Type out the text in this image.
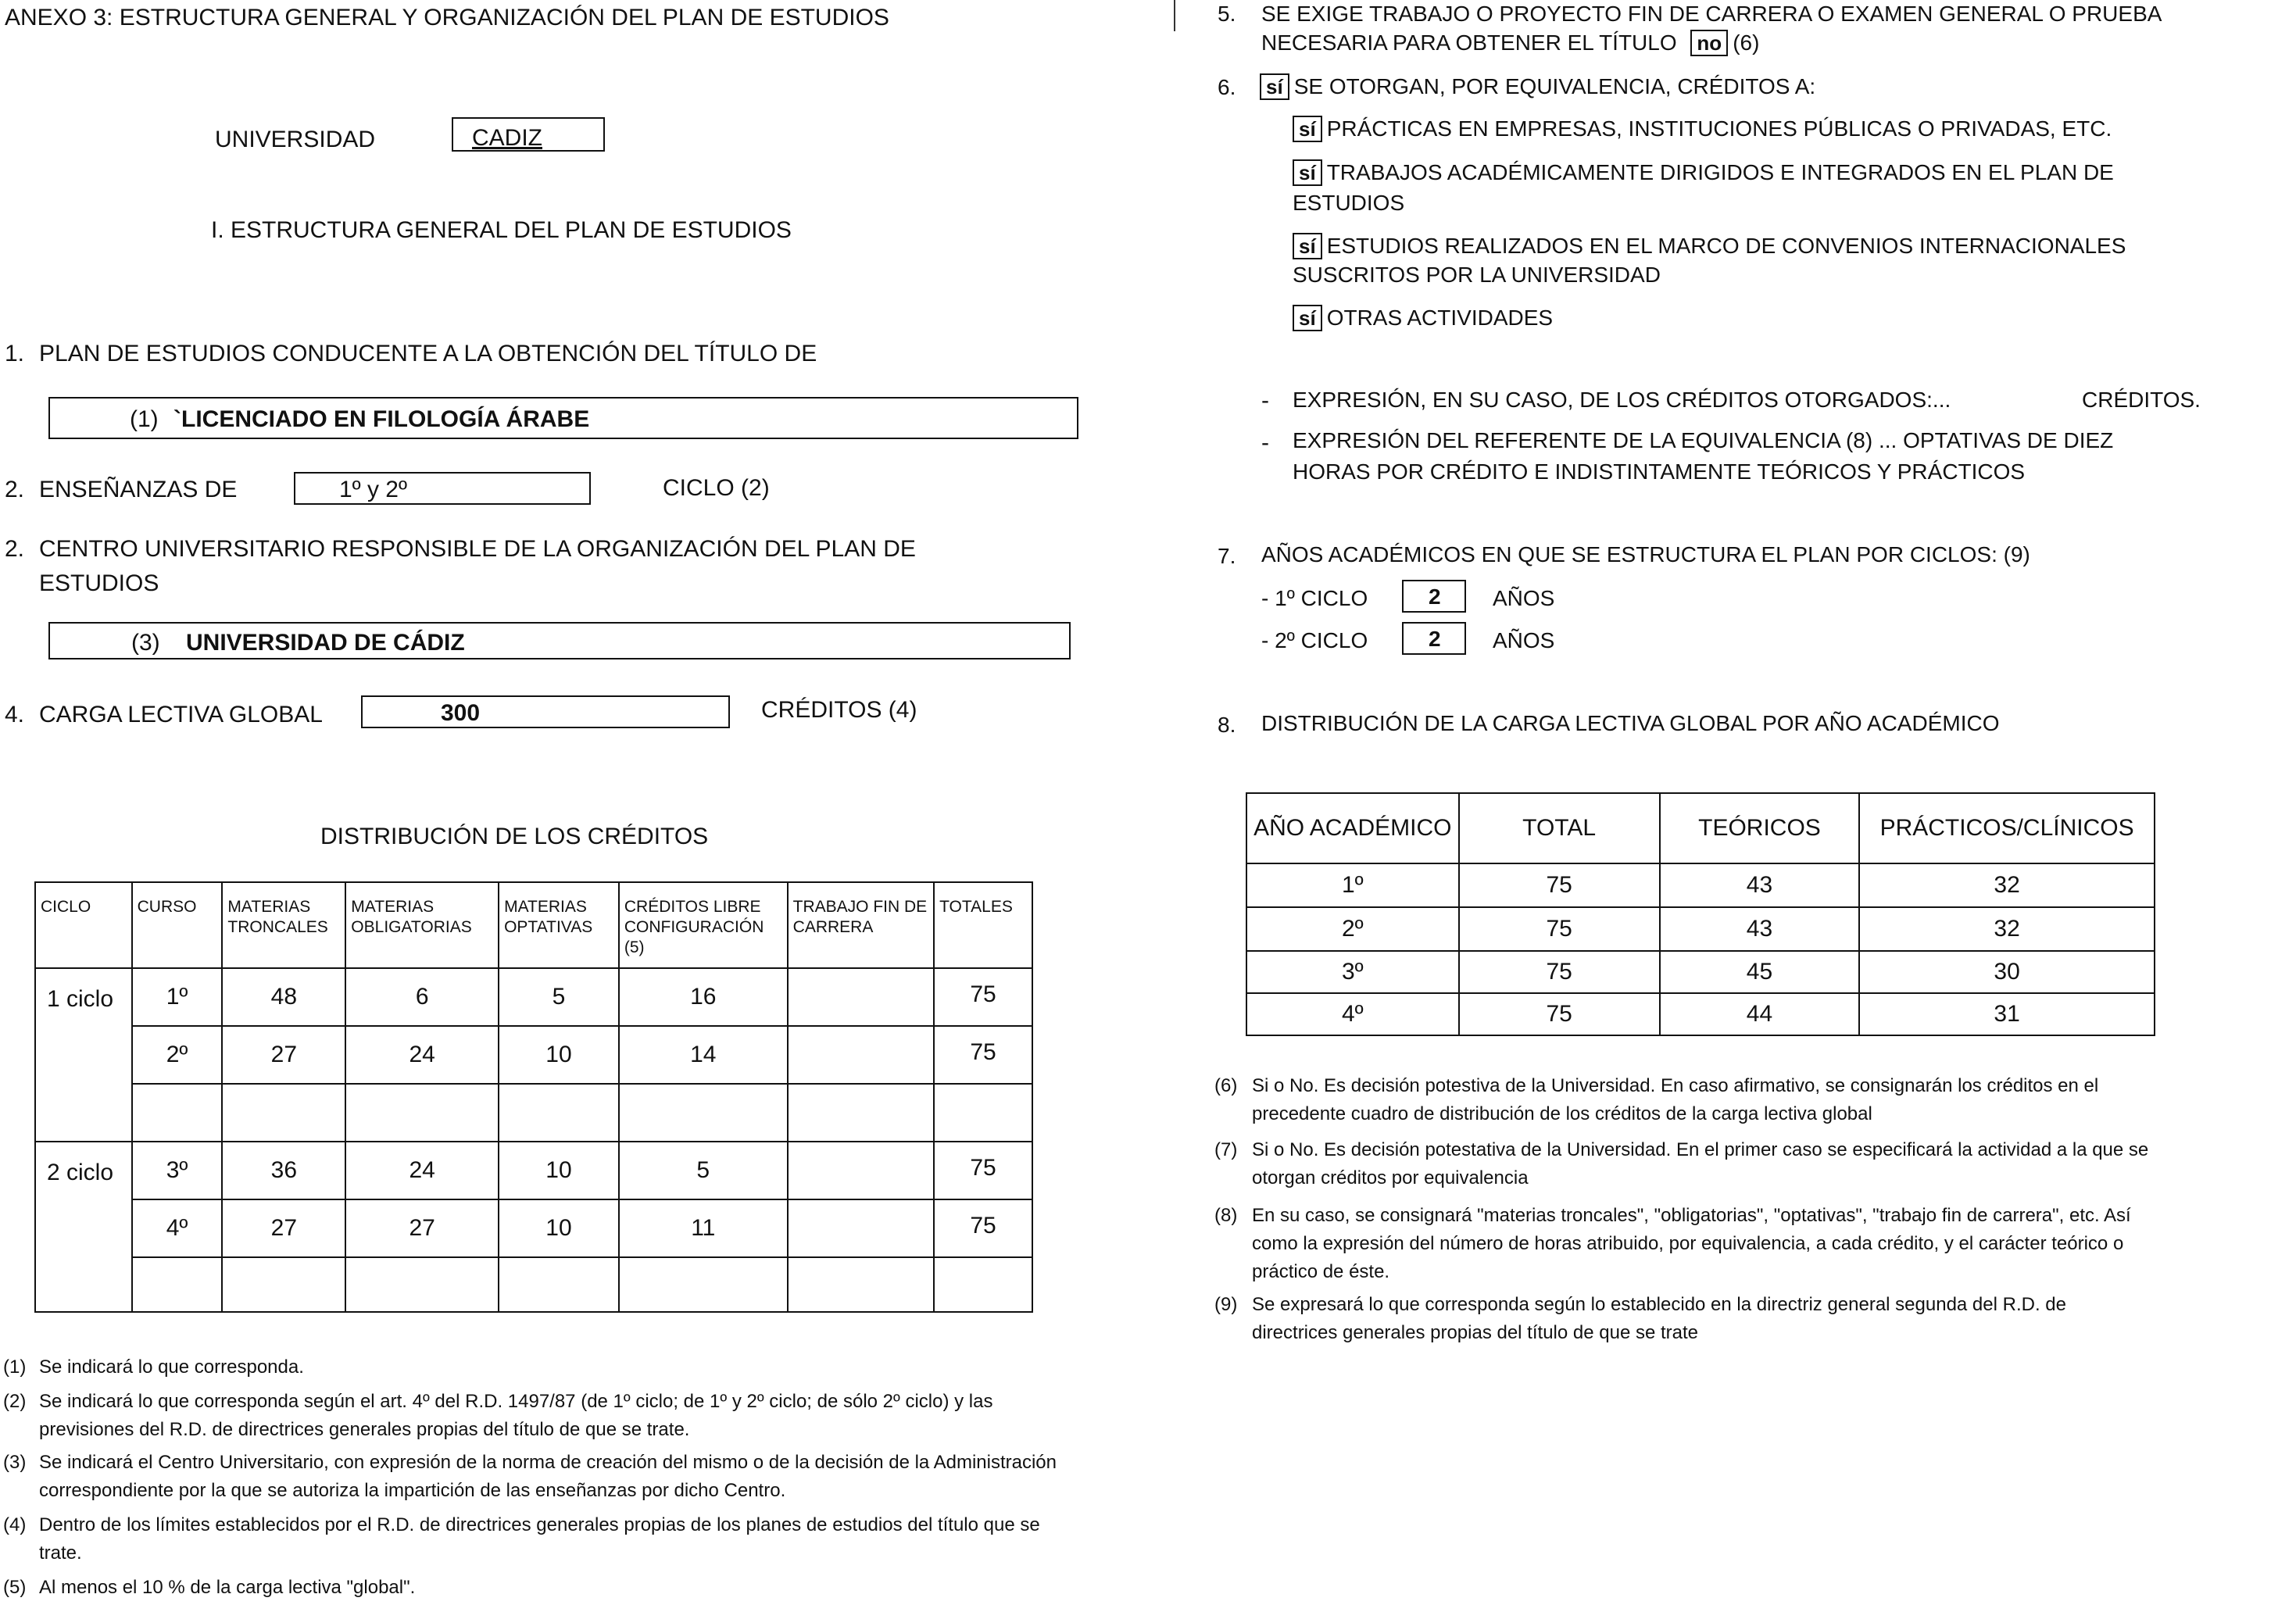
ANEXO 3: ESTRUCTURA GENERAL Y ORGANIZACIÓN DEL PLAN DE ESTUDIOS
UNIVERSIDAD	CADIZ
I. ESTRUCTURA GENERAL DEL PLAN DE ESTUDIOS
1. PLAN DE ESTUDIOS CONDUCENTE A LA OBTENCIÓN DEL TÍTULO DE
(1) `LICENCIADO EN FILOLOGÍA ÁRABE
2. ENSEÑANZAS DE	1º y 2º	CICLO (2)
2. CENTRO UNIVERSITARIO RESPONSIBLE DE LA ORGANIZACIÓN DEL PLAN DE
ESTUDIOS
(3) UNIVERSIDAD DE CÁDIZ
4. CARGA LECTIVA GLOBAL	300	CRÉDITOS (4)
DISTRIBUCIÓN DE LOS CRÉDITOS
CICLO	CURSO	MATERIAS TRONCALES	MATERIAS OBLIGATORIAS	MATERIAS OPTATIVAS	CRÉDITOS LIBRE CONFIGURACIÓN (5)	TRABAJO FIN DE CARRERA	TOTALES
1 ciclo	1º	48	6	5	16		75
	2º	27	24	10	14		75

2 ciclo	3º	36	24	10	5		75
	4º	27	27	10	11		75

(1) Se indicará lo que corresponda.
(2) Se indicará lo que corresponda según el art. 4º del R.D. 1497/87 (de 1º ciclo; de 1º y 2º ciclo; de sólo 2º ciclo) y las previsiones del R.D. de directrices generales propias del título de que se trate.
(3) Se indicará el Centro Universitario, con expresión de la norma de creación del mismo o de la decisión de la Administración correspondiente por la que se autoriza la impartición de las enseñanzas por dicho Centro.
(4) Dentro de los límites establecidos por el R.D. de directrices generales propias de los planes de estudios del título que se trate.
(5) Al menos el 10 % de la carga lectiva "global".
5. SE EXIGE TRABAJO O PROYECTO FIN DE CARRERA O EXAMEN GENERAL O PRUEBA
NECESARIA PARA OBTENER EL TÍTULO no (6)
6.	sí SE OTORGAN, POR EQUIVALENCIA, CRÉDITOS A:
sí PRÁCTICAS EN EMPRESAS, INSTITUCIONES PÚBLICAS O PRIVADAS, ETC.
sí TRABAJOS ACADÉMICAMENTE DIRIGIDOS E INTEGRADOS EN EL PLAN DE
ESTUDIOS
sí ESTUDIOS REALIZADOS EN EL MARCO DE CONVENIOS INTERNACIONALES
SUSCRITOS POR LA UNIVERSIDAD
sí OTRAS ACTIVIDADES
- EXPRESIÓN, EN SU CASO, DE LOS CRÉDITOS OTORGADOS:...	CRÉDITOS.
- EXPRESIÓN DEL REFERENTE DE LA EQUIVALENCIA (8) ... OPTATIVAS DE DIEZ
HORAS POR CRÉDITO E INDISTINTAMENTE TEÓRICOS Y PRÁCTICOS
7. AÑOS ACADÉMICOS EN QUE SE ESTRUCTURA EL PLAN POR CICLOS: (9)
- 1º CICLO	2 AÑOS
- 2º CICLO	2 AÑOS
8. DISTRIBUCIÓN DE LA CARGA LECTIVA GLOBAL POR AÑO ACADÉMICO
AÑO ACADÉMICO	TOTAL	TEÓRICOS	PRÁCTICOS/CLÍNICOS
1º	75	43	32
2º	75	43	32
3º	75	45	30
4º	75	44	31
(6) Si o No. Es decisión potestiva de la Universidad. En caso afirmativo, se consignarán los créditos en el
precedente cuadro de distribución de los créditos de la carga lectiva global
(7) Si o No. Es decisión potestativa de la Universidad. En el primer caso se especificará la actividad a la que se
otorgan créditos por equivalencia
(8) En su caso, se consignará "materias troncales", "obligatorias", "optativas", "trabajo fin de carrera", etc. Así
como la expresión del número de horas atribuido, por equivalencia, a cada crédito, y el carácter teórico o
práctico de éste.
(9) Se expresará lo que corresponda según lo establecido en la directriz general segunda del R.D. de
directrices generales propias del título de que se trate
